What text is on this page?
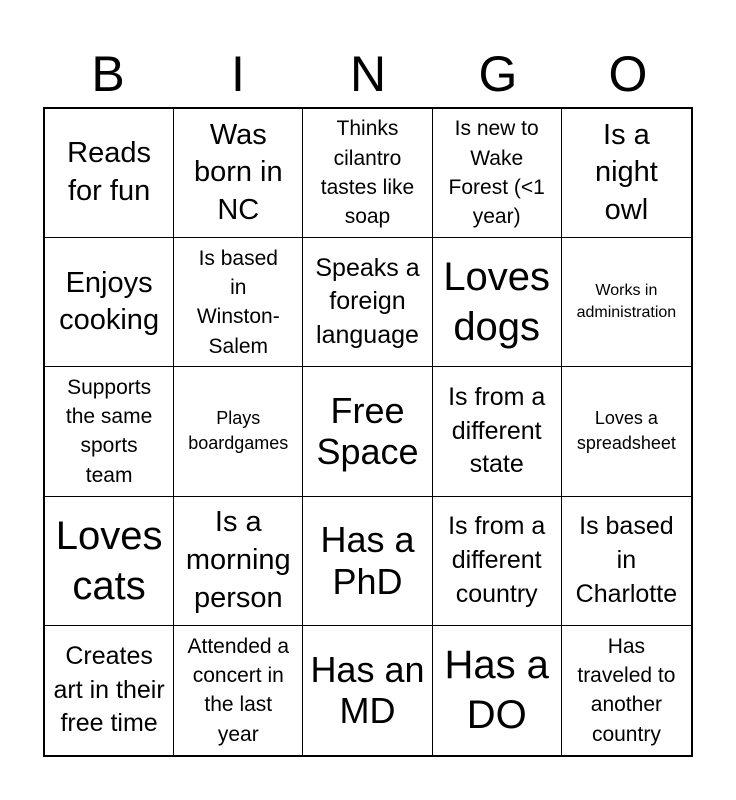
B	I	N	G	O
Reads for fun
Was born in NC
Thinks cilantro tastes like soap
Is new to Wake Forest (<1 year)
Is a night owl
Enjoys cooking
Is based in Winston-Salem
Speaks a foreign language
Loves dogs
Works in administration
Supports the same sports team
Plays boardgames
Free Space
Is from a different state
Loves a spreadsheet
Loves cats
Is a morning person
Has a PhD
Is from a different country
Is based in Charlotte
Creates art in their free time
Attended a concert in the last year
Has an MD
Has a DO
Has traveled to another country
